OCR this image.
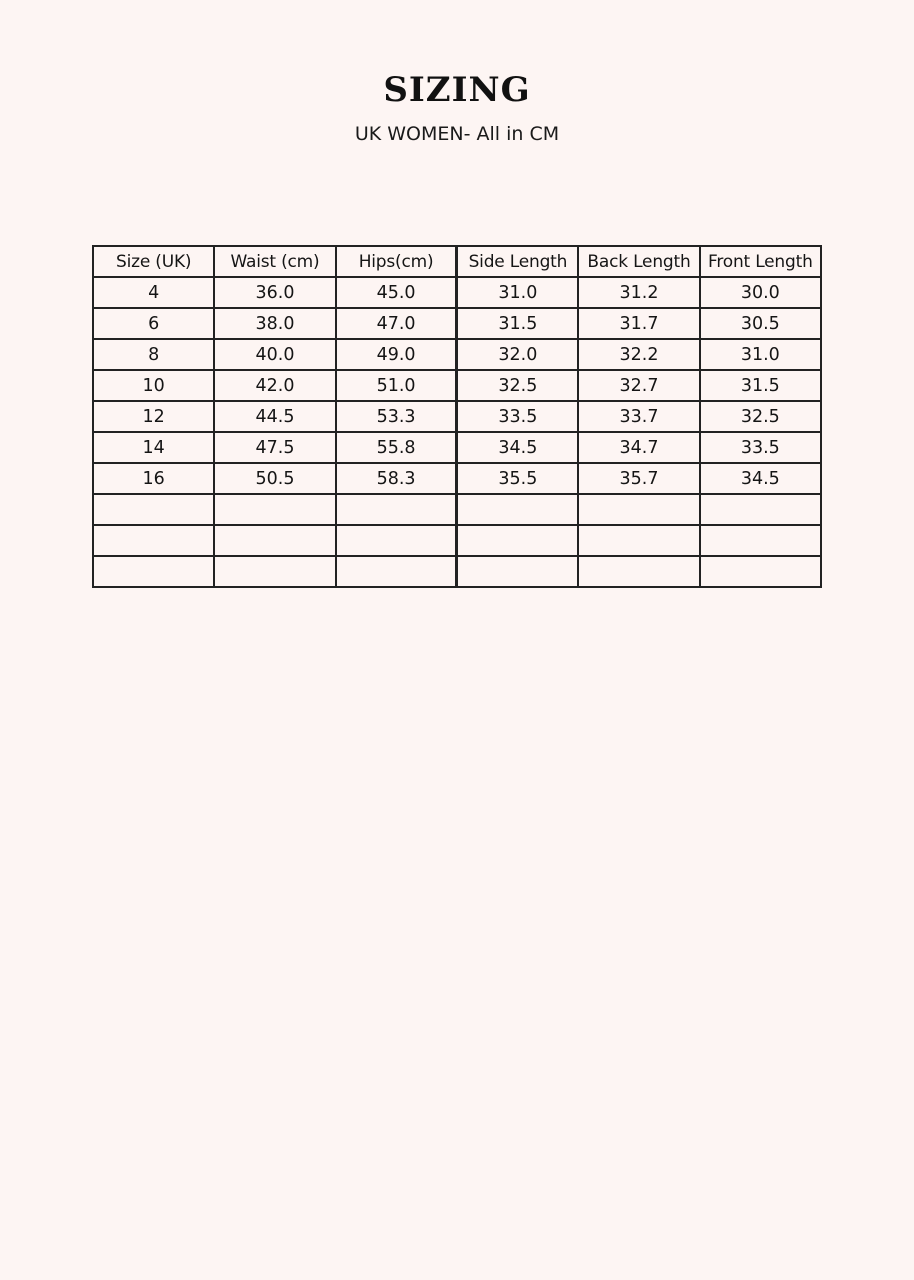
SIZING
UK WOMEN- All in CM
Size (UK)	Waist (cm)	Hips(cm)	Side Length	Back Length	Front Length
4	36.0	45.0	31.0	31.2	30.0
6	38.0	47.0	31.5	31.7	30.5
8	40.0	49.0	32.0	32.2	31.0
10	42.0	51.0	32.5	32.7	31.5
12	44.5	53.3	33.5	33.7	32.5
14	47.5	55.8	34.5	34.7	33.5
16	50.5	58.3	35.5	35.7	34.5
